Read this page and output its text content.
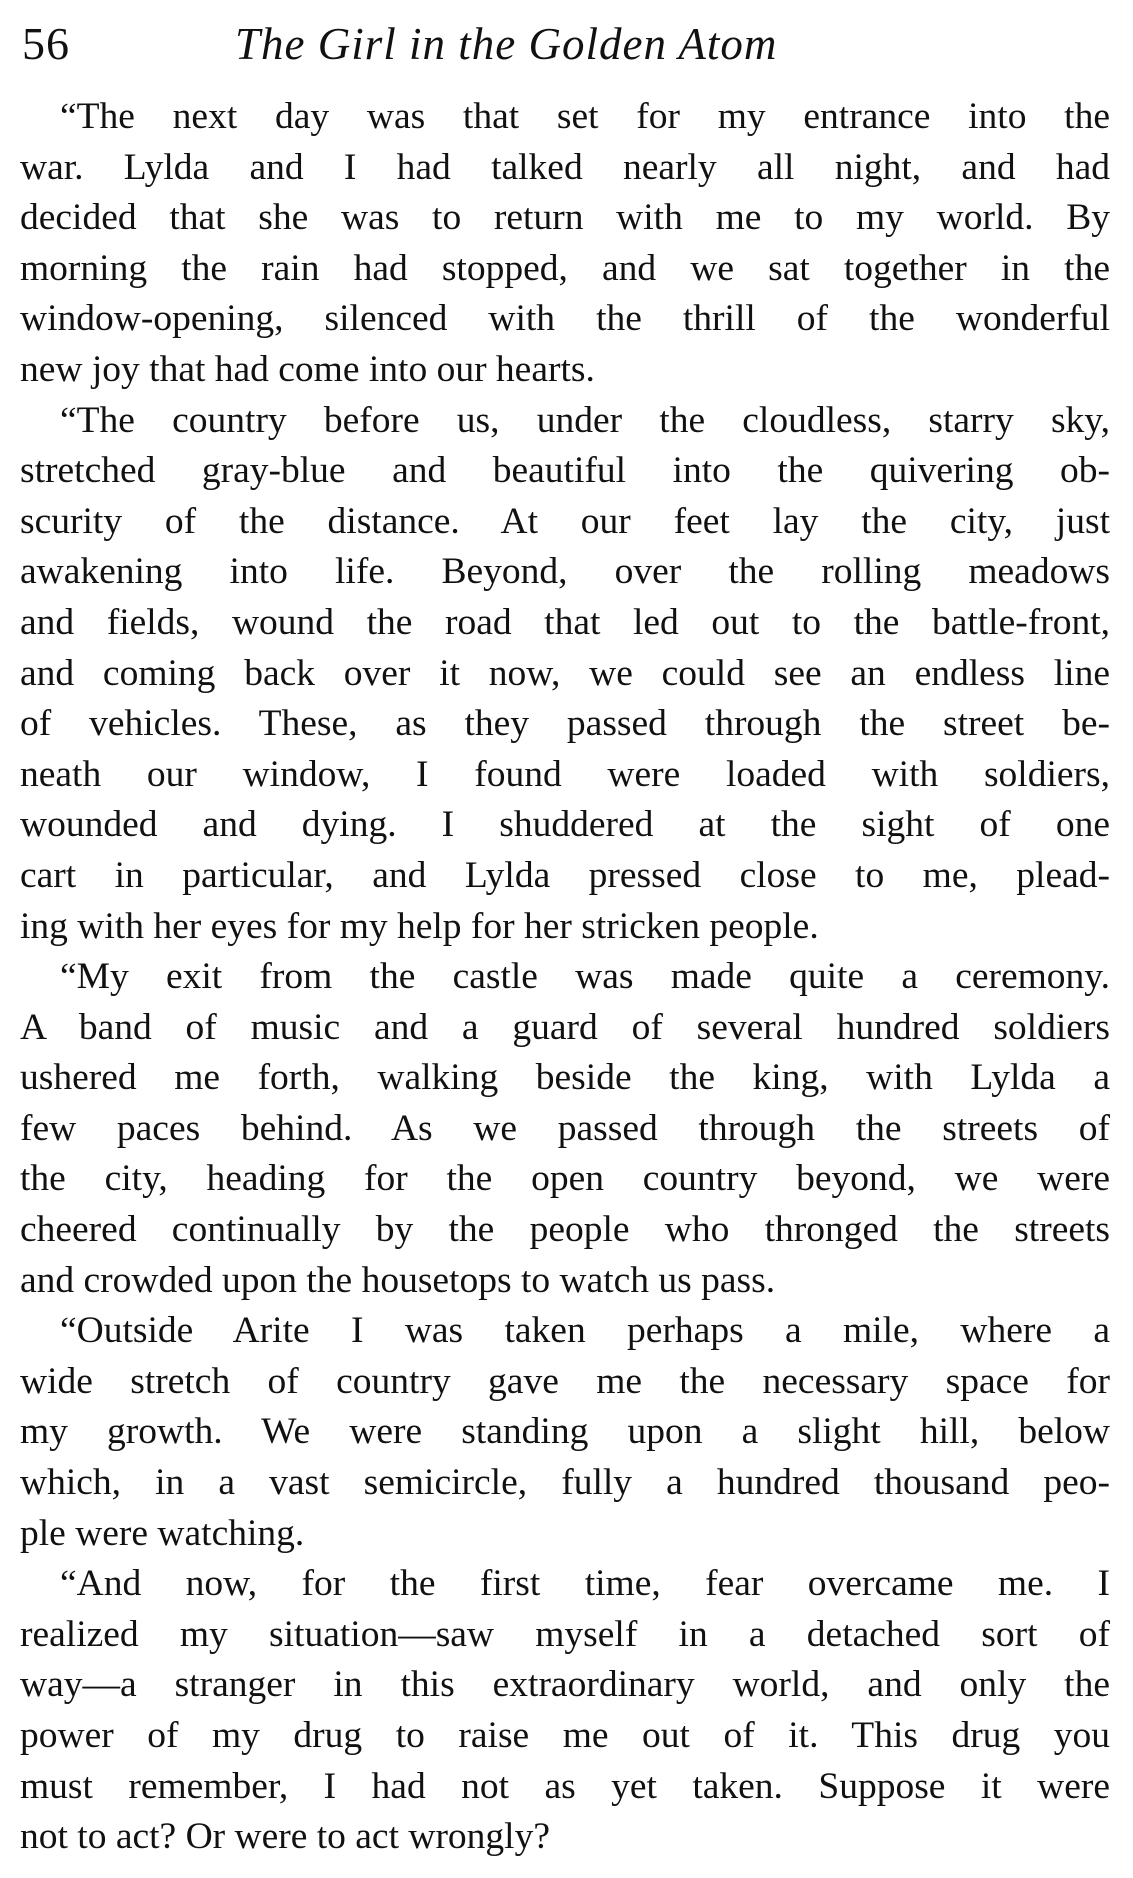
56	The Girl in the Golden Atom
“The next day was that set for my entrance into the
war. Lylda and I had talked nearly all night, and had
decided that she was to return with me to my world. By
morning the rain had stopped, and we sat together in the
window-opening, silenced with the thrill of the wonderful
new joy that had come into our hearts.
“The country before us, under the cloudless, starry sky,
stretched gray-blue and beautiful into the quivering ob-
scurity of the distance. At our feet lay the city, just
awakening into life. Beyond, over the rolling meadows
and fields, wound the road that led out to the battle-front,
and coming back over it now, we could see an endless line
of vehicles. These, as they passed through the street be-
neath our window, I found were loaded with soldiers,
wounded and dying. I shuddered at the sight of one
cart in particular, and Lylda pressed close to me, plead-
ing with her eyes for my help for her stricken people.
“My exit from the castle was made quite a ceremony.
A band of music and a guard of several hundred soldiers
ushered me forth, walking beside the king, with Lylda a
few paces behind. As we passed through the streets of
the city, heading for the open country beyond, we were
cheered continually by the people who thronged the streets
and crowded upon the housetops to watch us pass.
“Outside Arite I was taken perhaps a mile, where a
wide stretch of country gave me the necessary space for
my growth. We were standing upon a slight hill, below
which, in a vast semicircle, fully a hundred thousand peo-
ple were watching.
“And now, for the first time, fear overcame me. I
realized my situation—saw myself in a detached sort of
way—a stranger in this extraordinary world, and only the
power of my drug to raise me out of it. This drug you
must remember, I had not as yet taken. Suppose it were
not to act? Or were to act wrongly?
